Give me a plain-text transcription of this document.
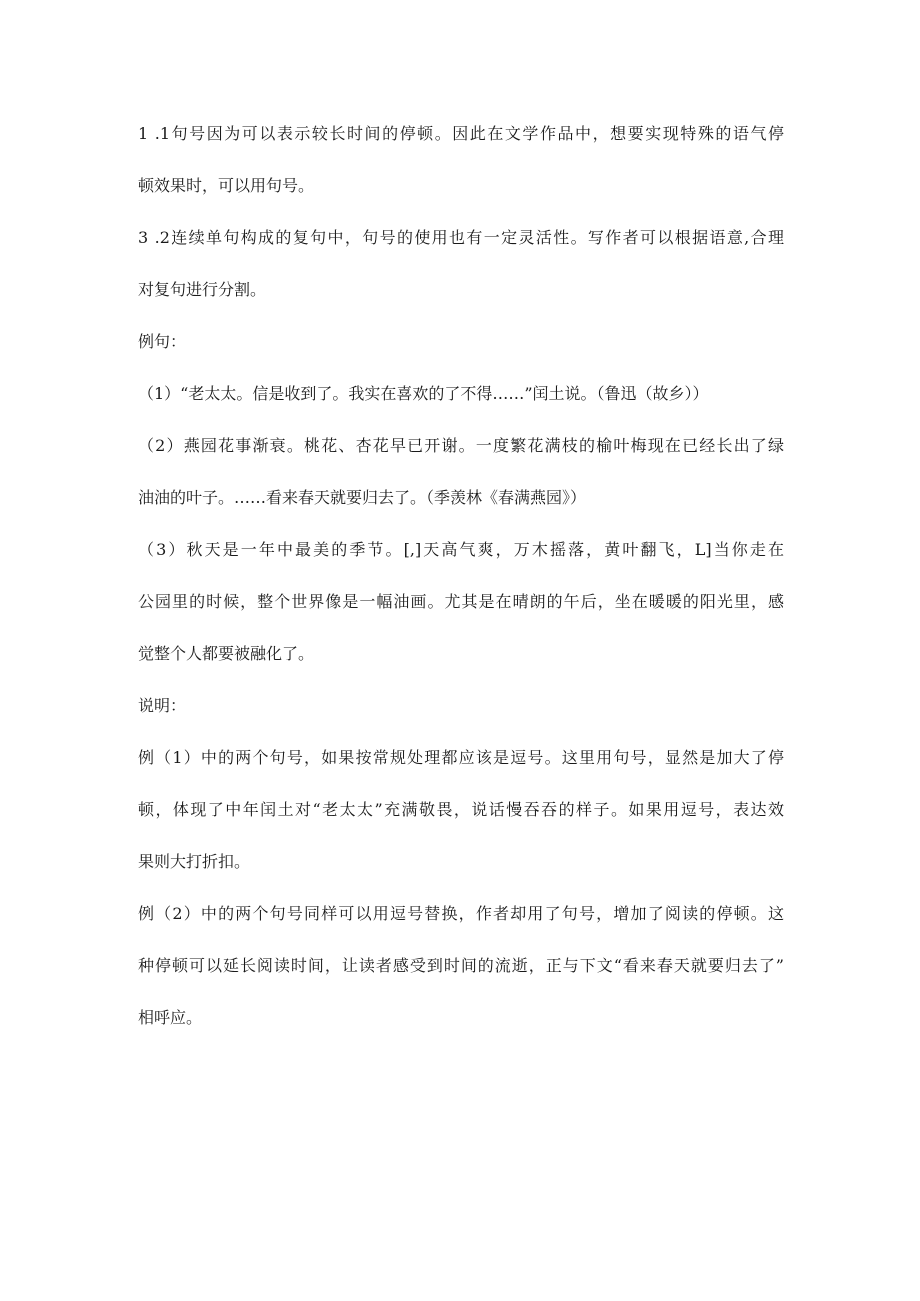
1 .1句号因为可以表示较长时间的停顿。因此在文学作品中，想要实现特殊的语气停
顿效果时，可以用句号。
3 .2连续单句构成的复句中，句号的使用也有一定灵活性。写作者可以根据语意,合理
对复句进行分割。
例句：
（1）“老太太。信是收到了。我实在喜欢的了不得……”闰土说。（鲁迅（故乡））
（2）燕园花事渐衰。桃花、杏花早已开谢。一度繁花满枝的榆叶梅现在已经长出了绿
油油的叶子。……看来春天就要归去了。（季羡林《春满燕园》）
（3）秋天是一年中最美的季节。[,]天高气爽，万木摇落，黄叶翻飞，L]当你走在
公园里的时候，整个世界像是一幅油画。尤其是在晴朗的午后，坐在暖暖的阳光里，感
觉整个人都要被融化了。
说明：
例（1）中的两个句号，如果按常规处理都应该是逗号。这里用句号，显然是加大了停
顿，体现了中年闰土对“老太太”充满敬畏，说话慢吞吞的样子。如果用逗号，表达效
果则大打折扣。
例（2）中的两个句号同样可以用逗号替换，作者却用了句号，增加了阅读的停顿。这
种停顿可以延长阅读时间，让读者感受到时间的流逝，正与下文“看来春天就要归去了”
相呼应。
